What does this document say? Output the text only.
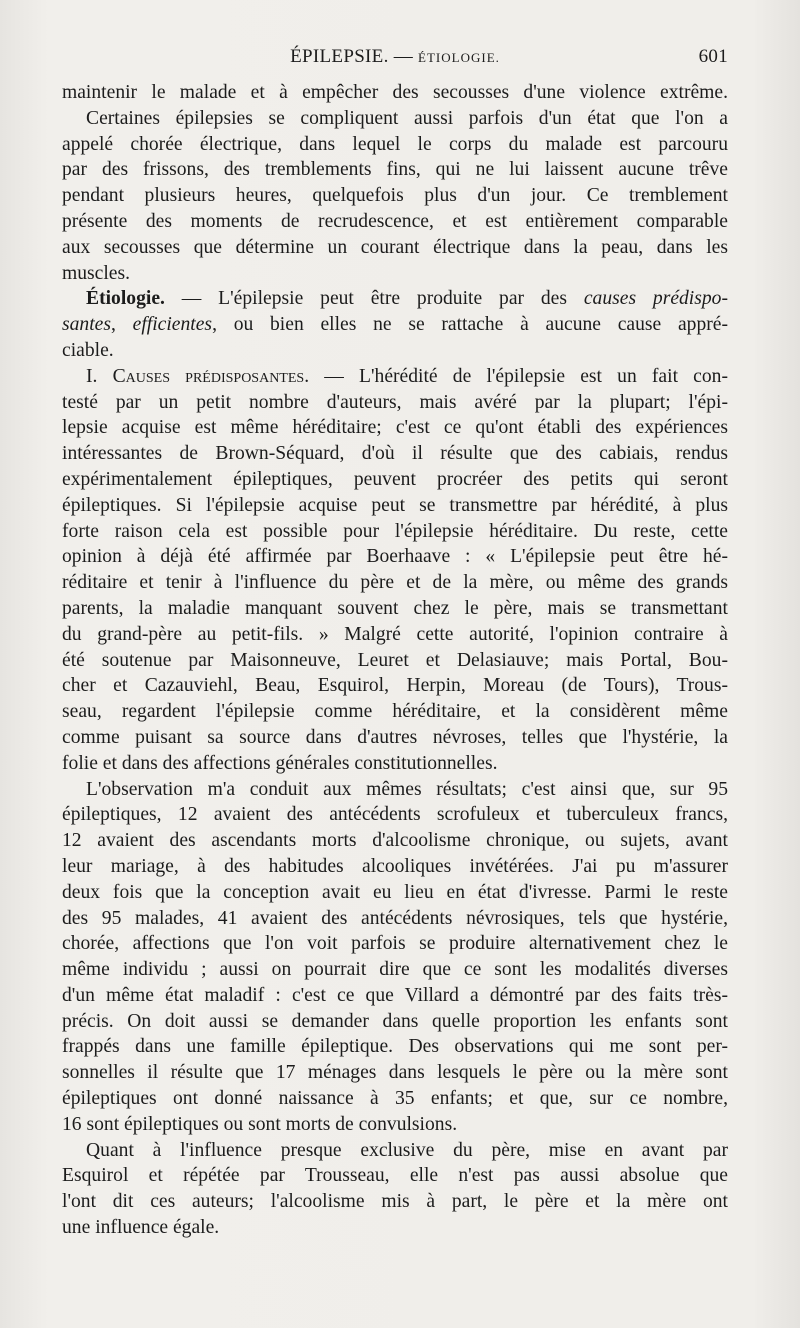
ÉPILEPSIE. — ÉTIOLOGIE.	601
maintenir le malade et à empêcher des secousses d'une violence extrême.
Certaines épilepsies se compliquent aussi parfois d'un état que l'on a
appelé chorée électrique, dans lequel le corps du malade est parcouru
par des frissons, des tremblements fins, qui ne lui laissent aucune trêve
pendant plusieurs heures, quelquefois plus d'un jour. Ce tremblement
présente des moments de recrudescence, et est entièrement comparable
aux secousses que détermine un courant électrique dans la peau, dans les
muscles.
Étiologie. — L'épilepsie peut être produite par des causes prédispo-
santes, efficientes, ou bien elles ne se rattache à aucune cause appré-
ciable.
I. Causes prédisposantes. — L'hérédité de l'épilepsie est un fait con-
testé par un petit nombre d'auteurs, mais avéré par la plupart; l'épi-
lepsie acquise est même héréditaire; c'est ce qu'ont établi des expériences
intéressantes de Brown-Séquard, d'où il résulte que des cabiais, rendus
expérimentalement épileptiques, peuvent procréer des petits qui seront
épileptiques. Si l'épilepsie acquise peut se transmettre par hérédité, à plus
forte raison cela est possible pour l'épilepsie héréditaire. Du reste, cette
opinion à déjà été affirmée par Boerhaave : « L'épilepsie peut être hé-
réditaire et tenir à l'influence du père et de la mère, ou même des grands
parents, la maladie manquant souvent chez le père, mais se transmettant
du grand-père au petit-fils. » Malgré cette autorité, l'opinion contraire à
été soutenue par Maisonneuve, Leuret et Delasiauve; mais Portal, Bou-
cher et Cazauviehl, Beau, Esquirol, Herpin, Moreau (de Tours), Trous-
seau, regardent l'épilepsie comme héréditaire, et la considèrent même
comme puisant sa source dans d'autres névroses, telles que l'hystérie, la
folie et dans des affections générales constitutionnelles.
L'observation m'a conduit aux mêmes résultats; c'est ainsi que, sur 95
épileptiques, 12 avaient des antécédents scrofuleux et tuberculeux francs,
12 avaient des ascendants morts d'alcoolisme chronique, ou sujets, avant
leur mariage, à des habitudes alcooliques invétérées. J'ai pu m'assurer
deux fois que la conception avait eu lieu en état d'ivresse. Parmi le reste
des 95 malades, 41 avaient des antécédents névrosiques, tels que hystérie,
chorée, affections que l'on voit parfois se produire alternativement chez le
même individu ; aussi on pourrait dire que ce sont les modalités diverses
d'un même état maladif : c'est ce que Villard a démontré par des faits très-
précis. On doit aussi se demander dans quelle proportion les enfants sont
frappés dans une famille épileptique. Des observations qui me sont per-
sonnelles il résulte que 17 ménages dans lesquels le père ou la mère sont
épileptiques ont donné naissance à 35 enfants; et que, sur ce nombre,
16 sont épileptiques ou sont morts de convulsions.
Quant à l'influence presque exclusive du père, mise en avant par
Esquirol et répétée par Trousseau, elle n'est pas aussi absolue que
l'ont dit ces auteurs; l'alcoolisme mis à part, le père et la mère ont
une influence égale.
